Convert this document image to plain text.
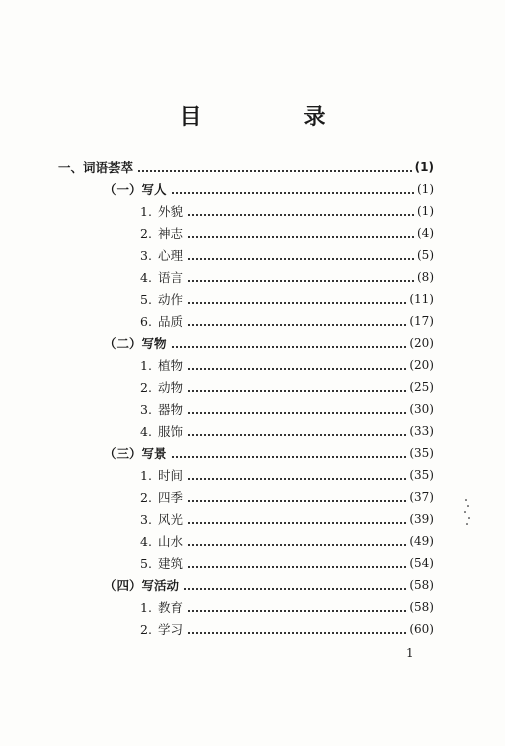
目　录
一、词语荟萃	(1)
（一）写人	(1)
1. 外貌	(1)
2. 神志	(4)
3. 心理	(5)
4. 语言	(8)
5. 动作	(11)
6. 品质	(17)
（二）写物	(20)
1. 植物	(20)
2. 动物	(25)
3. 器物	(30)
4. 服饰	(33)
（三）写景	(35)
1. 时间	(35)
2. 四季	(37)
3. 风光	(39)
4. 山水	(49)
5. 建筑	(54)
（四）写活动	(58)
1. 教育	(58)
2. 学习	(60)
1
